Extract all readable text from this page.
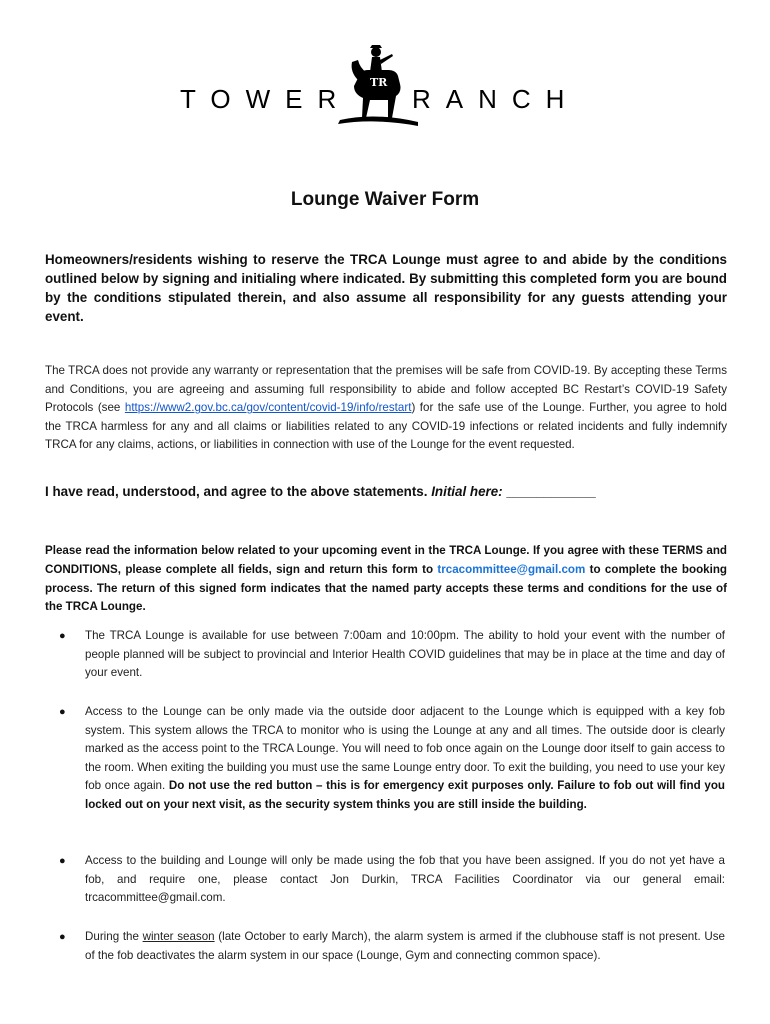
TOWER
TR
RANCH
Lounge Waiver Form
Homeowners/residents wishing to reserve the TRCA Lounge must agree to and abide by the conditions outlined below by signing and initialing where indicated. By submitting this completed form you are bound by the conditions stipulated therein, and also assume all responsibility for any guests attending your event.
The TRCA does not provide any warranty or representation that the premises will be safe from COVID-19. By accepting these Terms and Conditions, you are agreeing and assuming full responsibility to abide and follow accepted BC Restart’s COVID-19 Safety Protocols (see https://www2.gov.bc.ca/gov/content/covid-19/info/restart) for the safe use of the Lounge. Further, you agree to hold the TRCA harmless for any and all claims or liabilities related to any COVID-19 infections or related incidents and fully indemnify TRCA for any claims, actions, or liabilities in connection with use of the Lounge for the event requested.
I have read, understood, and agree to the above statements. Initial here: ____________
Please read the information below related to your upcoming event in the TRCA Lounge. If you agree with these TERMS and CONDITIONS, please complete all fields, sign and return this form to trcacommittee@gmail.com to complete the booking process. The return of this signed form indicates that the named party accepts these terms and conditions for the use of the TRCA Lounge.
● The TRCA Lounge is available for use between 7:00am and 10:00pm. The ability to hold your event with the number of people planned will be subject to provincial and Interior Health COVID guidelines that may be in place at the time and day of your event.
● Access to the Lounge can be only made via the outside door adjacent to the Lounge which is equipped with a key fob system. This system allows the TRCA to monitor who is using the Lounge at any and all times. The outside door is clearly marked as the access point to the TRCA Lounge. You will need to fob once again on the Lounge door itself to gain access to the room. When exiting the building you must use the same Lounge entry door. To exit the building, you need to use your key fob once again. Do not use the red button – this is for emergency exit purposes only. Failure to fob out will find you locked out on your next visit, as the security system thinks you are still inside the building.
● Access to the building and Lounge will only be made using the fob that you have been assigned. If you do not yet have a fob, and require one, please contact Jon Durkin, TRCA Facilities Coordinator via our general email: trcacommittee@gmail.com.
● During the winter season (late October to early March), the alarm system is armed if the clubhouse staff is not present. Use of the fob deactivates the alarm system in our space (Lounge, Gym and connecting common space).
